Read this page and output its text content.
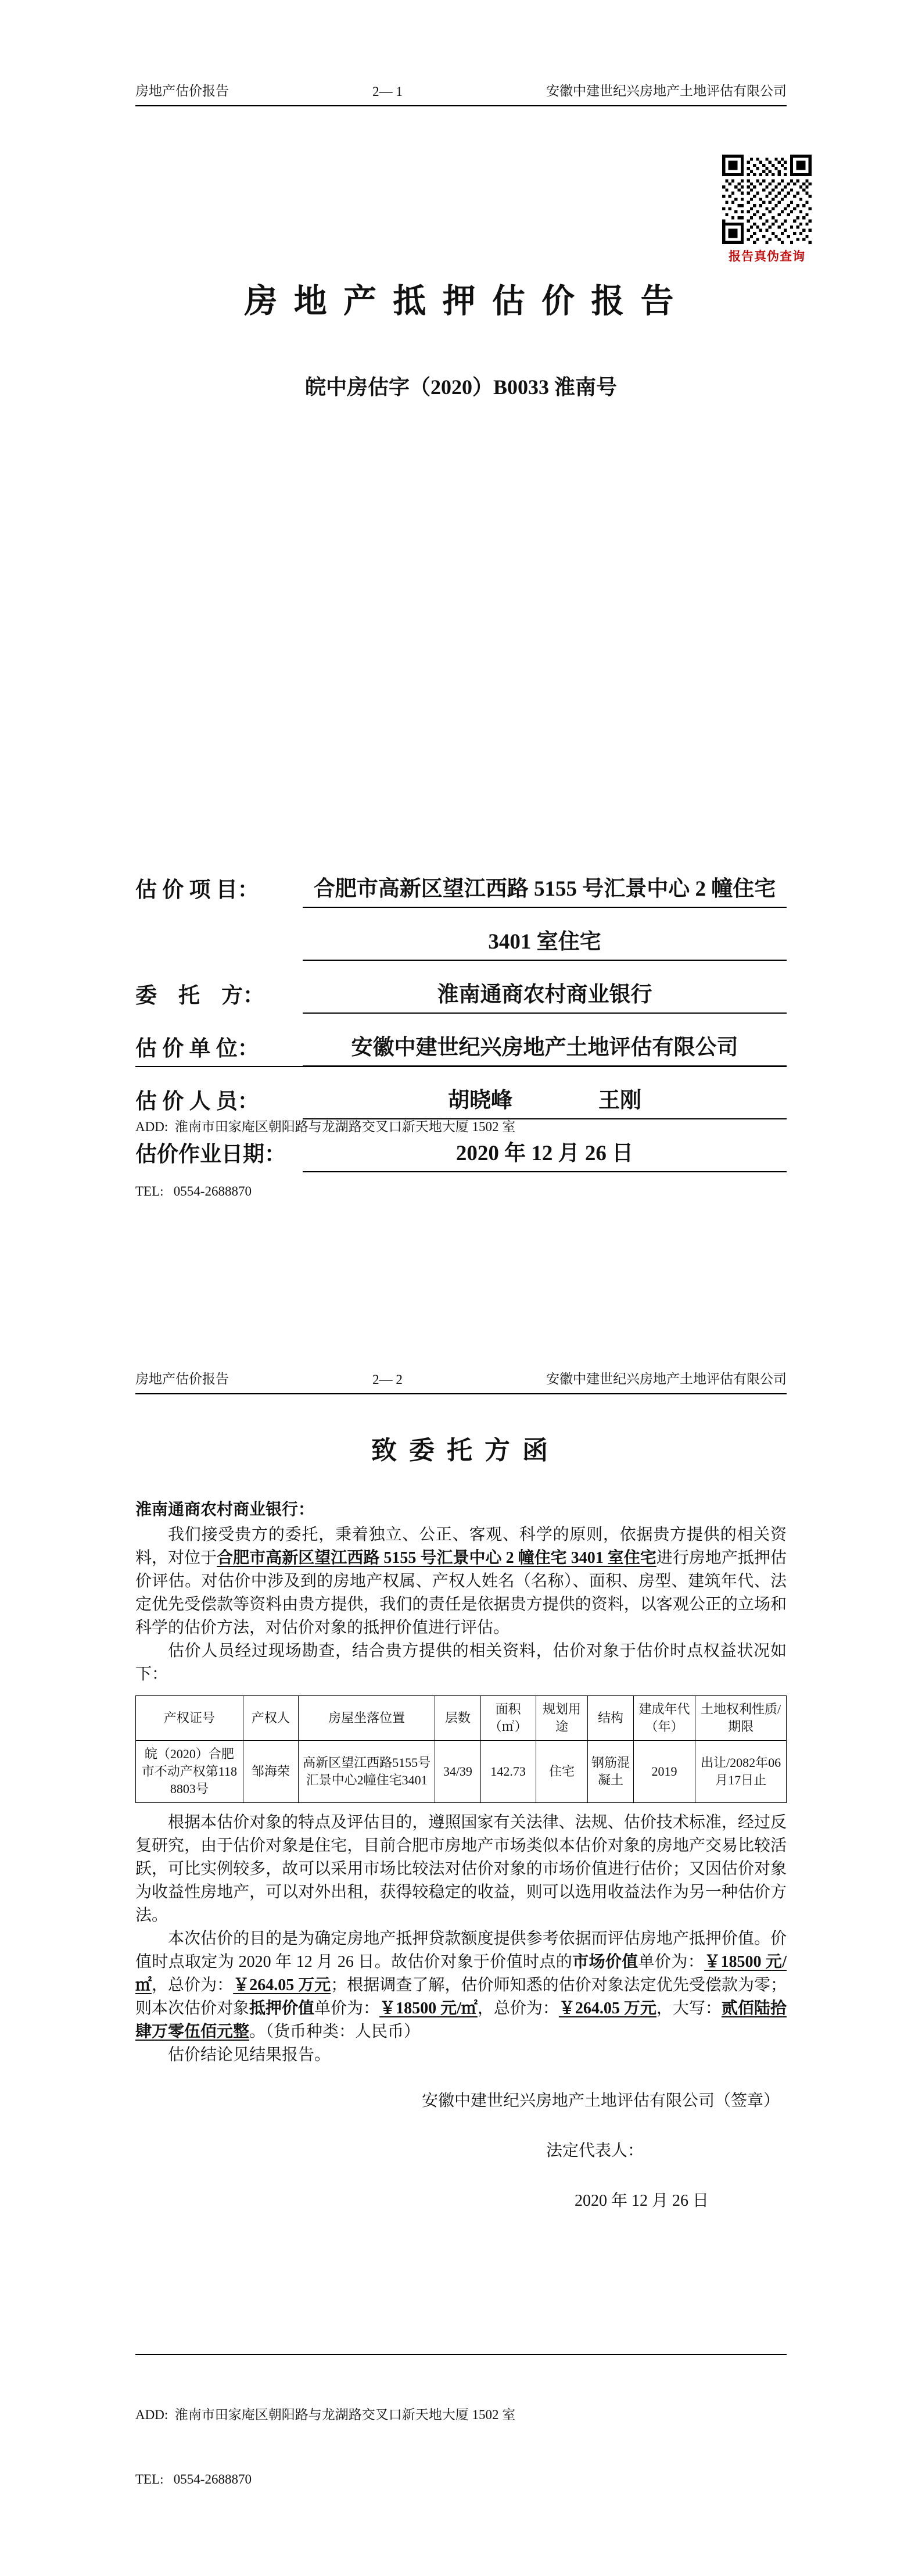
房地产估价报告	2— 1	安徽中建世纪兴房地产土地评估有限公司
报告真伪查询
房 地 产 抵 押 估 价 报 告
皖中房估字（2020）B0033 淮南号
估 价 项 目：	合肥市高新区望江西路 5155 号汇景中心 2 幢住宅
3401 室住宅
委    托    方：	淮南通商农村商业银行
估 价 单 位：	安徽中建世纪兴房地产土地评估有限公司
估 价 人 员：	胡晓峰　　　　王刚
估价作业日期：	2020 年 12 月 26 日

ADD:  淮南市田家庵区朝阳路与龙湖路交叉口新天地大厦 1502 室

TEL:   0554-2688870

房地产估价报告	2— 2	安徽中建世纪兴房地产土地评估有限公司
致 委 托 方 函
淮南通商农村商业银行：

我们接受贵方的委托，秉着独立、公正、客观、科学的原则，依据贵方提供的相关资料，对位于合肥市高新区望江西路 5155 号汇景中心 2 幢住宅 3401 室住宅进行房地产抵押估价评估。对估价中涉及到的房地产权属、产权人姓名（名称）、面积、房型、建筑年代、法定优先受偿款等资料由贵方提供，我们的责任是依据贵方提供的资料，以客观公正的立场和科学的估价方法，对估价对象的抵押价值进行评估。

估价人员经过现场勘查，结合贵方提供的相关资料，估价对象于估价时点权益状况如下：

产权证号	产权人	房屋坐落位置	层数	面积（㎡）	规划用途	结构	建成年代（年）	土地权利性质/期限
皖（2020）合肥市不动产权第1188803号	邹海荣	高新区望江西路5155号汇景中心2幢住宅3401	34/39	142.73	住宅	钢筋混凝土	2019	出让/2082年06月17日止

根据本估价对象的特点及评估目的，遵照国家有关法律、法规、估价技术标准，经过反复研究，由于估价对象是住宅，目前合肥市房地产市场类似本估价对象的房地产交易比较活跃，可比实例较多，故可以采用市场比较法对估价对象的市场价值进行估价；又因估价对象为收益性房地产，可以对外出租，获得较稳定的收益，则可以选用收益法作为另一种估价方法。

本次估价的目的是为确定房地产抵押贷款额度提供参考依据而评估房地产抵押价值。价值时点取定为 2020 年 12 月 26 日。故估价对象于价值时点的市场价值单价为：￥18500 元/㎡，总价为：￥264.05 万元；根据调查了解，估价师知悉的估价对象法定优先受偿款为零；则本次估价对象抵押价值单价为：￥18500 元/㎡，总价为：￥264.05 万元，大写：贰佰陆拾肆万零伍佰元整。（货币种类：人民币）

估价结论见结果报告。

安徽中建世纪兴房地产土地评估有限公司（签章）
法定代表人：
2020 年 12 月 26 日

ADD:  淮南市田家庵区朝阳路与龙湖路交叉口新天地大厦 1502 室

TEL:   0554-2688870
